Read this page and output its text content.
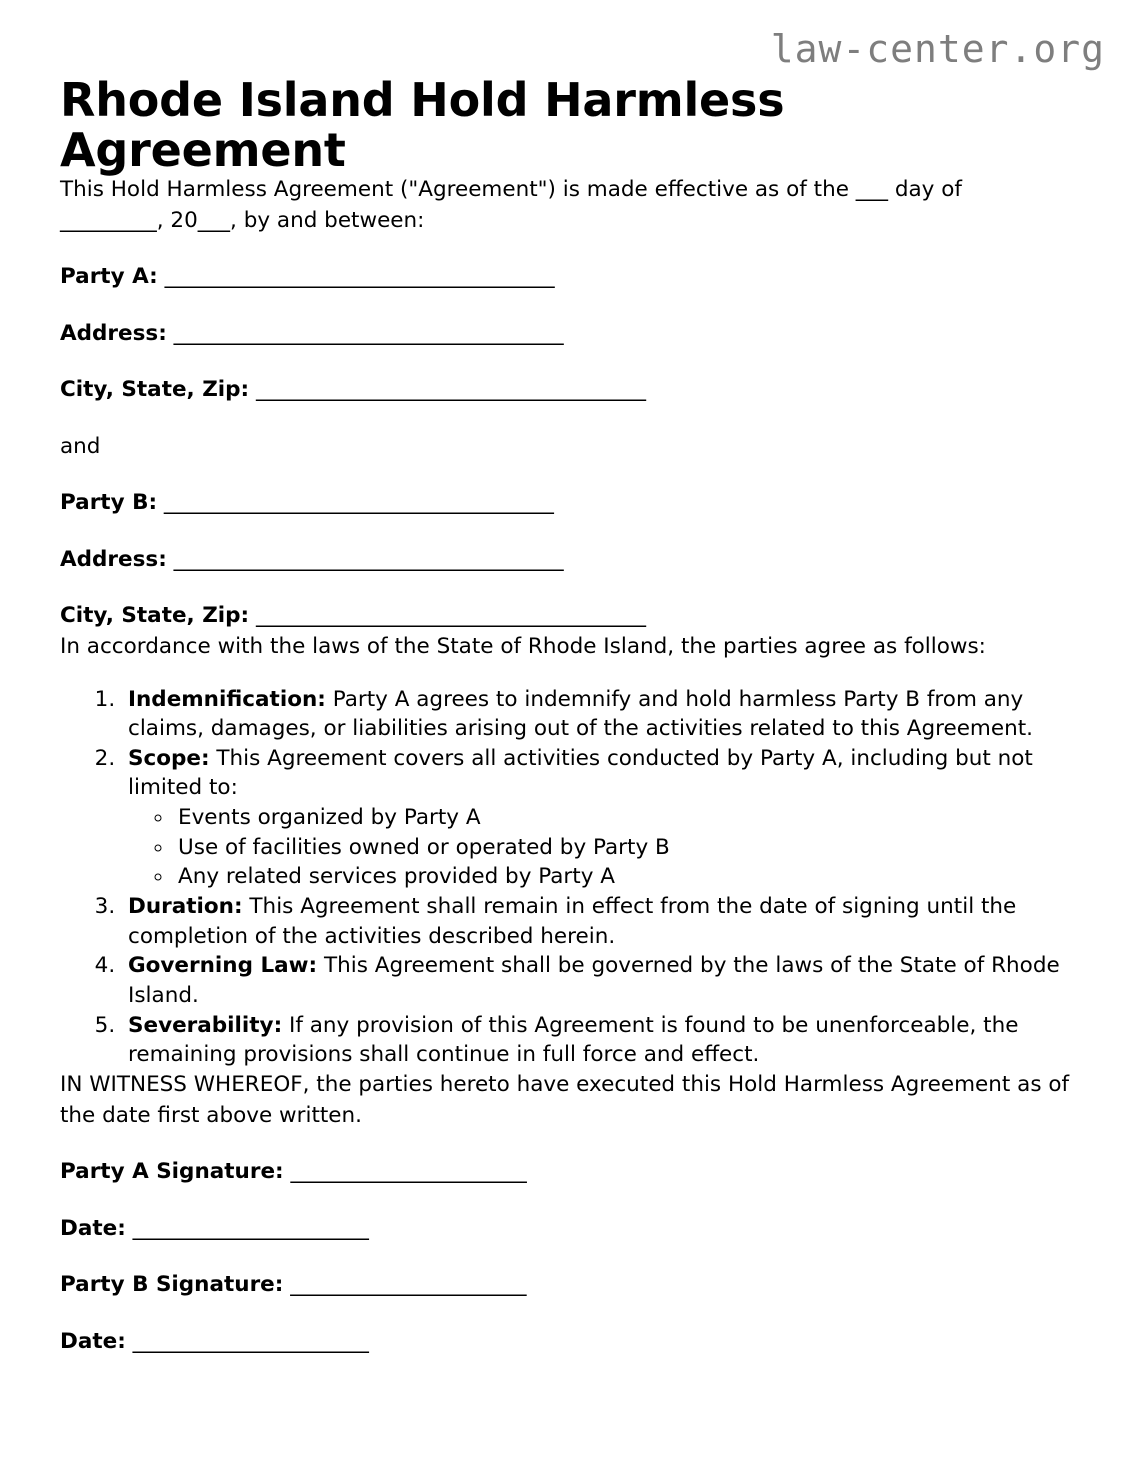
law-center.org
Rhode Island Hold Harmless Agreement

This Hold Harmless Agreement ("Agreement") is made effective as of the ___ day of
_________, 20___, by and between:

Party A: ______________________________________
Address: ______________________________________
City, State, Zip: ______________________________________
and
Party B: ______________________________________
Address: ______________________________________
City, State, Zip: ______________________________________

In accordance with the laws of the State of Rhode Island, the parties agree as follows:

1. Indemnification: Party A agrees to indemnify and hold harmless Party B from any claims, damages, or liabilities arising out of the activities related to this Agreement.
2. Scope: This Agreement covers all activities conducted by Party A, including but not limited to:
◦ Events organized by Party A
◦ Use of facilities owned or operated by Party B
◦ Any related services provided by Party A
3. Duration: This Agreement shall remain in effect from the date of signing until the completion of the activities described herein.
4. Governing Law: This Agreement shall be governed by the laws of the State of Rhode Island.
5. Severability: If any provision of this Agreement is found to be unenforceable, the remaining provisions shall continue in full force and effect.

IN WITNESS WHEREOF, the parties hereto have executed this Hold Harmless Agreement as of the date first above written.

Party A Signature: _______________________
Date: _______________________
Party B Signature: _______________________
Date: _______________________
